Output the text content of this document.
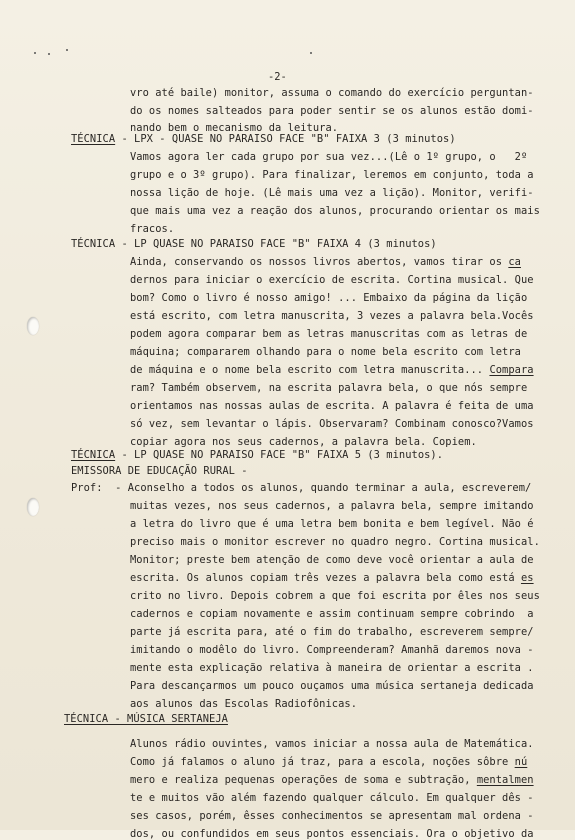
-2-
vro até baile) monitor, assuma o comando do exercício perguntan-
do os nomes salteados para poder sentir se os alunos estão domi-
nando bem o mecanismo da leitura.
TÉCNICA - LPX - QUASE NO PARAISO FACE "B" FAIXA 3 (3 minutos)
Vamos agora ler cada grupo por sua vez...(Lê o 1º grupo, o   2º
grupo e o 3º grupo). Para finalizar, leremos em conjunto, toda a
nossa lição de hoje. (Lê mais uma vez a lição). Monitor, verifi-
que mais uma vez a reação dos alunos, procurando orientar os mais
fracos.
TÉCNICA - LP QUASE NO PARAISO FACE "B" FAIXA 4 (3 minutos)
Ainda, conservando os nossos livros abertos, vamos tirar os ca
dernos para iniciar o exercício de escrita. Cortina musical. Que
bom? Como o livro é nosso amigo! ... Embaixo da página da lição
está escrito, com letra manuscrita, 3 vezes a palavra bela.Vocês
podem agora comparar bem as letras manuscritas com as letras de
máquina; compararem olhando para o nome bela escrito com letra
de máquina e o nome bela escrito com letra manuscrita... Compara
ram? Também observem, na escrita palavra bela, o que nós sempre
orientamos nas nossas aulas de escrita. A palavra é feita de uma
só vez, sem levantar o lápis. Observaram? Combinam conosco?Vamos
copiar agora nos seus cadernos, a palavra bela. Copiem.
TÉCNICA - LP QUASE NO PARAISO FACE "B" FAIXA 5 (3 minutos).
EMISSORA DE EDUCAÇÃO RURAL -
Prof:  - Aconselho a todos os alunos, quando terminar a aula, escreverem/
muitas vezes, nos seus cadernos, a palavra bela, sempre imitando
a letra do livro que é uma letra bem bonita e bem legível. Não é
preciso mais o monitor escrever no quadro negro. Cortina musical.
Monitor; preste bem atenção de como deve você orientar a aula de
escrita. Os alunos copiam três vezes a palavra bela como está es
crito no livro. Depois cobrem a que foi escrita por êles nos seus
cadernos e copiam novamente e assim continuam sempre cobrindo  a
parte já escrita para, até o fim do trabalho, escreverem sempre/
imitando o modêlo do livro. Compreenderam? Amanhã daremos nova -
mente esta explicação relativa à maneira de orientar a escrita .
Para descançarmos um pouco ouçamos uma música sertaneja dedicada
aos alunos das Escolas Radiofônicas.
TÉCNICA - MÚSICA SERTANEJA
Alunos rádio ouvintes, vamos iniciar a nossa aula de Matemática.
Como já falamos o aluno já traz, para a escola, noções sôbre nú
mero e realiza pequenas operações de soma e subtração, mentalmen
te e muitos vão além fazendo qualquer cálculo. Em qualquer dês -
ses casos, porém, êsses conhecimentos se apresentam mal ordena -
dos, ou confundidos em seus pontos essenciais. Ora o objetivo da
